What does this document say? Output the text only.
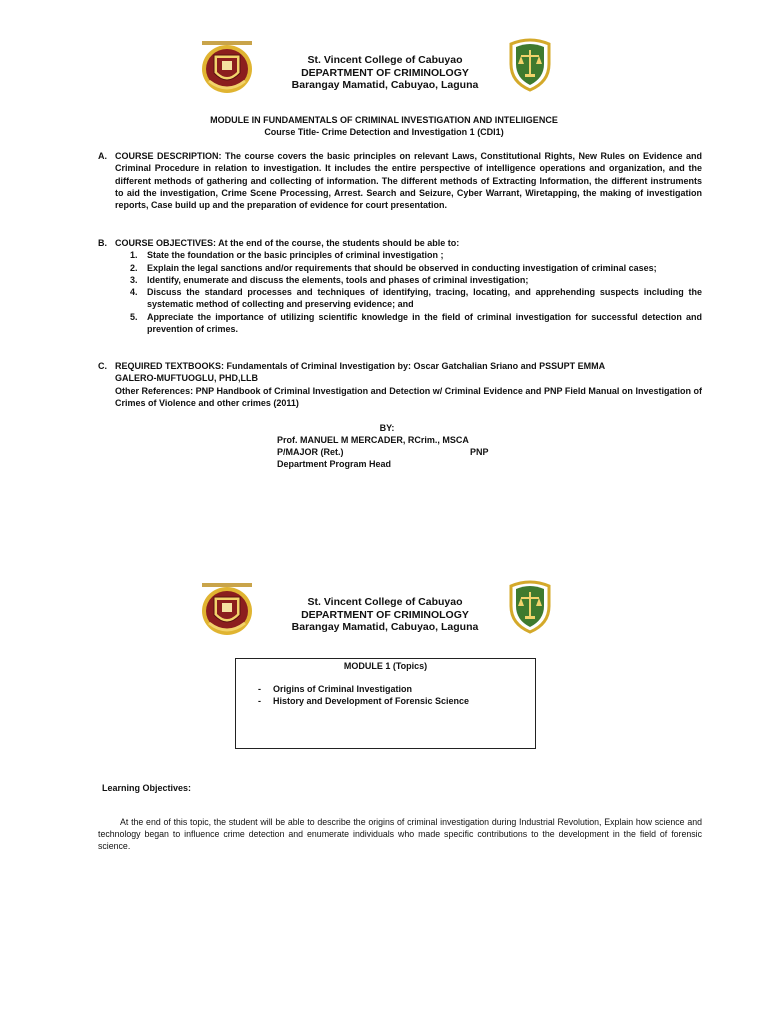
St. Vincent College of Cabuyao
DEPARTMENT OF CRIMINOLOGY
Barangay Mamatid, Cabuyao, Laguna
MODULE IN FUNDAMENTALS OF CRIMINAL INVESTIGATION AND INTELIIGENCE
Course Title- Crime Detection and Investigation 1 (CDI1)
A. COURSE DESCRIPTION: The course covers the basic principles on relevant Laws, Constitutional Rights, New Rules on Evidence and Criminal Procedure in relation to investigation. It includes the entire perspective of intelligence operations and organization, and the different methods of gathering and collecting of information. The different methods of Extracting Information, the different instruments to aid the investigation, Crime Scene Processing, Arrest. Search and Seizure, Cyber Warrant, Wiretapping, the making of investigation reports, Case build up and the preparation of evidence for court presentation.
B. COURSE OBJECTIVES: At the end of the course, the students should be able to:
1. State the foundation or the basic principles of criminal investigation ;
2. Explain the legal sanctions and/or requirements that should be observed in conducting investigation of criminal cases;
3. Identify, enumerate and discuss the elements, tools and phases of criminal investigation;
4. Discuss the standard processes and techniques of identifying, tracing, locating, and apprehending suspects including the systematic method of collecting and preserving evidence; and
5. Appreciate the importance of utilizing scientific knowledge in the field of criminal investigation for successful detection and prevention of crimes.
C. REQUIRED TEXTBOOKS: Fundamentals of Criminal Investigation by: Oscar Gatchalian Sriano and PSSUPT EMMA
GALERO-MUFTUOGLU, PHD,LLB
Other References: PNP Handbook of Criminal Investigation and Detection w/ Criminal Evidence and PNP Field Manual on Investigation of Crimes of Violence and other crimes (2011)
BY:
Prof. MANUEL M MERCADER, RCrim., MSCA
P/MAJOR (Ret.)	PNP
Department Program Head
St. Vincent College of Cabuyao
DEPARTMENT OF CRIMINOLOGY
Barangay Mamatid, Cabuyao, Laguna
MODULE 1 (Topics)
- Origins of Criminal Investigation
- History and Development of Forensic Science
Learning Objectives:
At the end of this topic, the student will be able to describe the origins of criminal investigation during Industrial Revolution, Explain how science and technology began to influence crime detection and enumerate individuals who made specific contributions to the development in the field of forensic science.
